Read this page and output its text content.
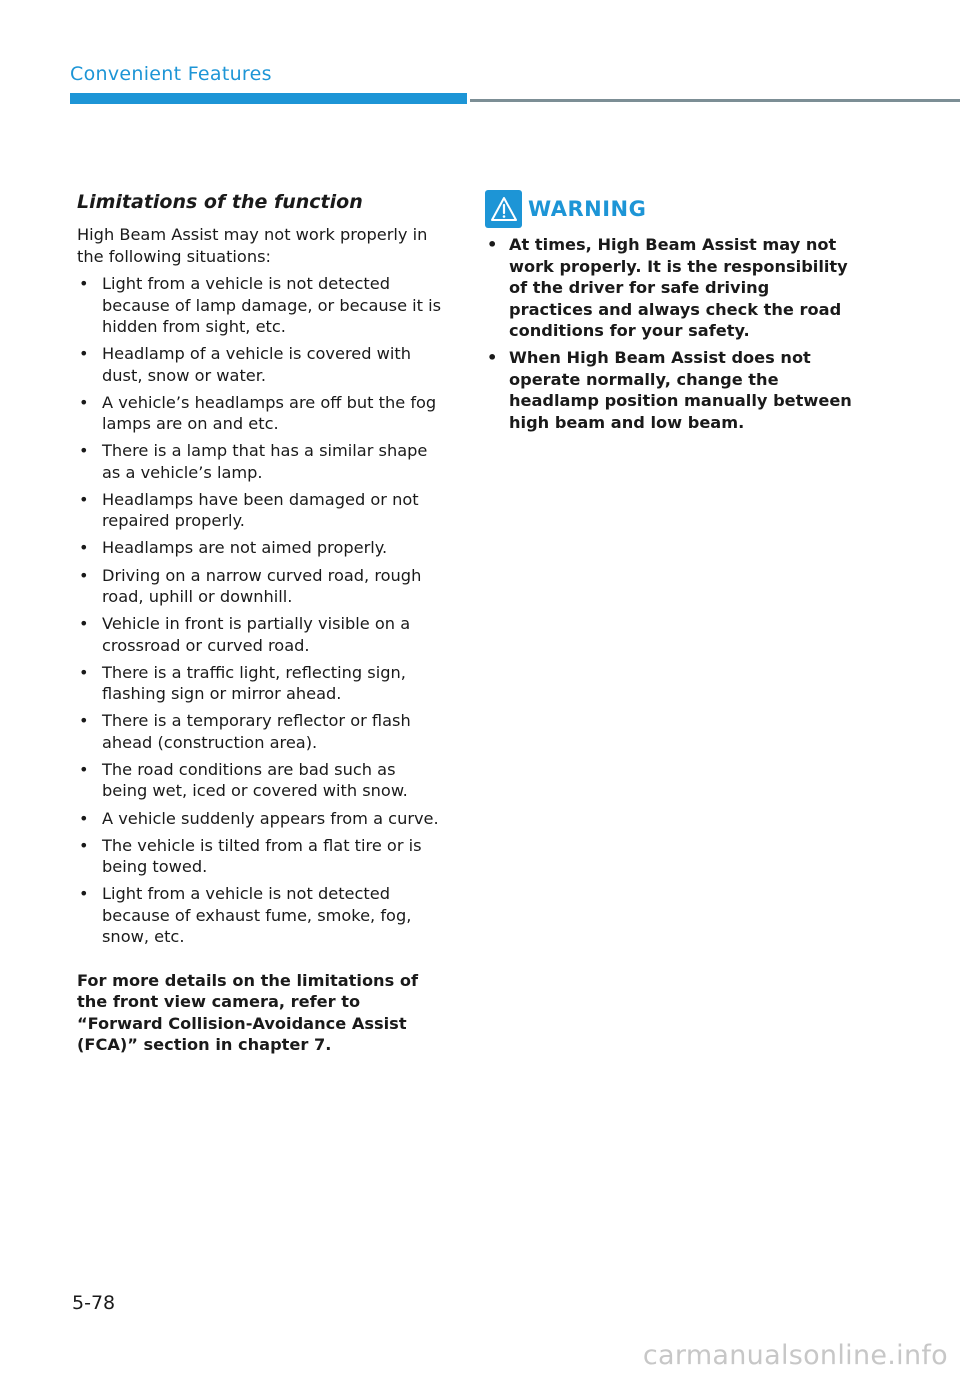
Convenient Features
Limitations of the function

High Beam Assist may not work properly in the following situations:

• Light from a vehicle is not detected because of lamp damage, or because it is hidden from sight, etc.
• Headlamp of a vehicle is covered with dust, snow or water.
• A vehicle’s headlamps are off but the fog lamps are on and etc.
• There is a lamp that has a similar shape as a vehicle’s lamp.
• Headlamps have been damaged or not repaired properly.
• Headlamps are not aimed properly.
• Driving on a narrow curved road, rough road, uphill or downhill.
• Vehicle in front is partially visible on a crossroad or curved road.
• There is a traffic light, reflecting sign, flashing sign or mirror ahead.
• There is a temporary reflector or flash ahead (construction area).
• The road conditions are bad such as being wet, iced or covered with snow.
• A vehicle suddenly appears from a curve.
• The vehicle is tilted from a flat tire or is being towed.
• Light from a vehicle is not detected because of exhaust fume, smoke, fog, snow, etc.

For more details on the limitations of the front view camera, refer to “Forward Collision-Avoidance Assist (FCA)” section in chapter 7.

WARNING
• At times, High Beam Assist may not work properly. It is the responsibility of the driver for safe driving practices and always check the road conditions for your safety.
• When High Beam Assist does not operate normally, change the headlamp position manually between high beam and low beam.
5-78
carmanualsonline.info
